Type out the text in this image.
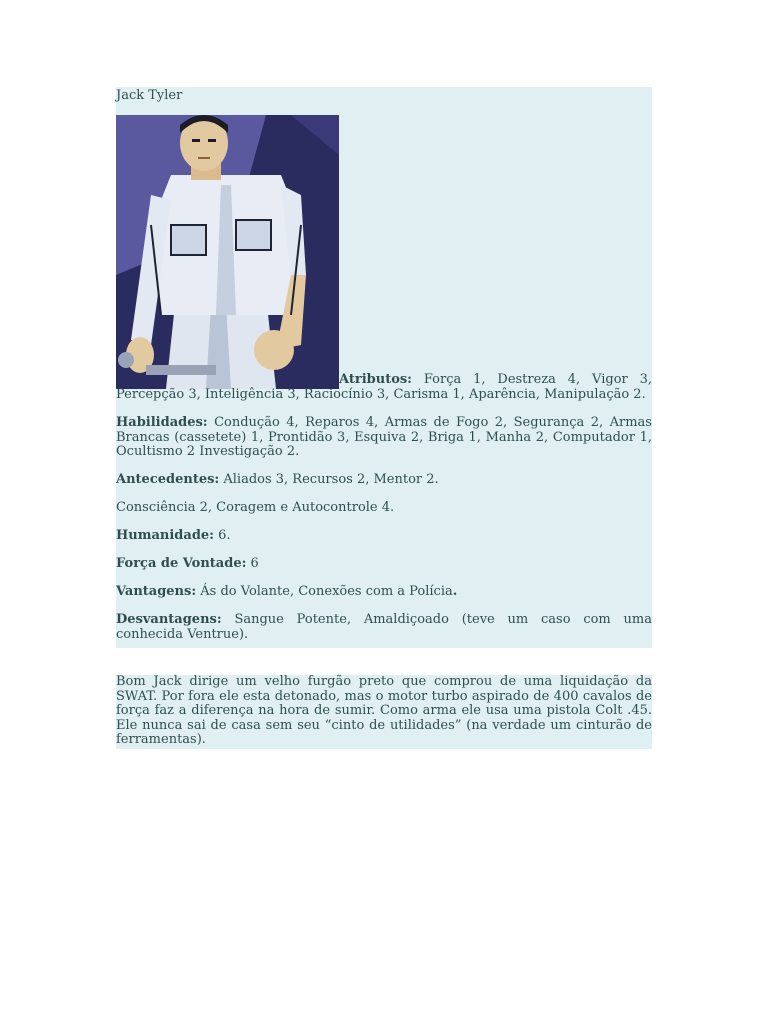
Jack Tyler

Atributos: Força 1, Destreza 4, Vigor 3, Percepção 3, Inteligência 3, Raciocínio 3, Carisma 1, Aparência, Manipulação 2.

Habilidades: Condução 4, Reparos 4, Armas de Fogo 2, Segurança 2, Armas Brancas (cassetete) 1, Prontidão 3, Esquiva 2, Briga 1, Manha 2, Computador 1, Ocultismo 2 Investigação 2.

Antecedentes: Aliados 3, Recursos 2, Mentor 2.

Consciência 2, Coragem e Autocontrole 4.

Humanidade: 6.

Força de Vontade: 6

Vantagens: Ás do Volante, Conexões com a Polícia.

Desvantagens: Sangue Potente, Amaldiçoado (teve um caso com uma conhecida Ventrue).

Bom Jack dirige um velho furgão preto que comprou de uma liquidação da SWAT. Por fora ele esta detonado, mas o motor turbo aspirado de 400 cavalos de força faz a diferença na hora de sumir. Como arma ele usa uma pistola Colt .45. Ele nunca sai de casa sem seu “cinto de utilidades” (na verdade um cinturão de ferramentas).
